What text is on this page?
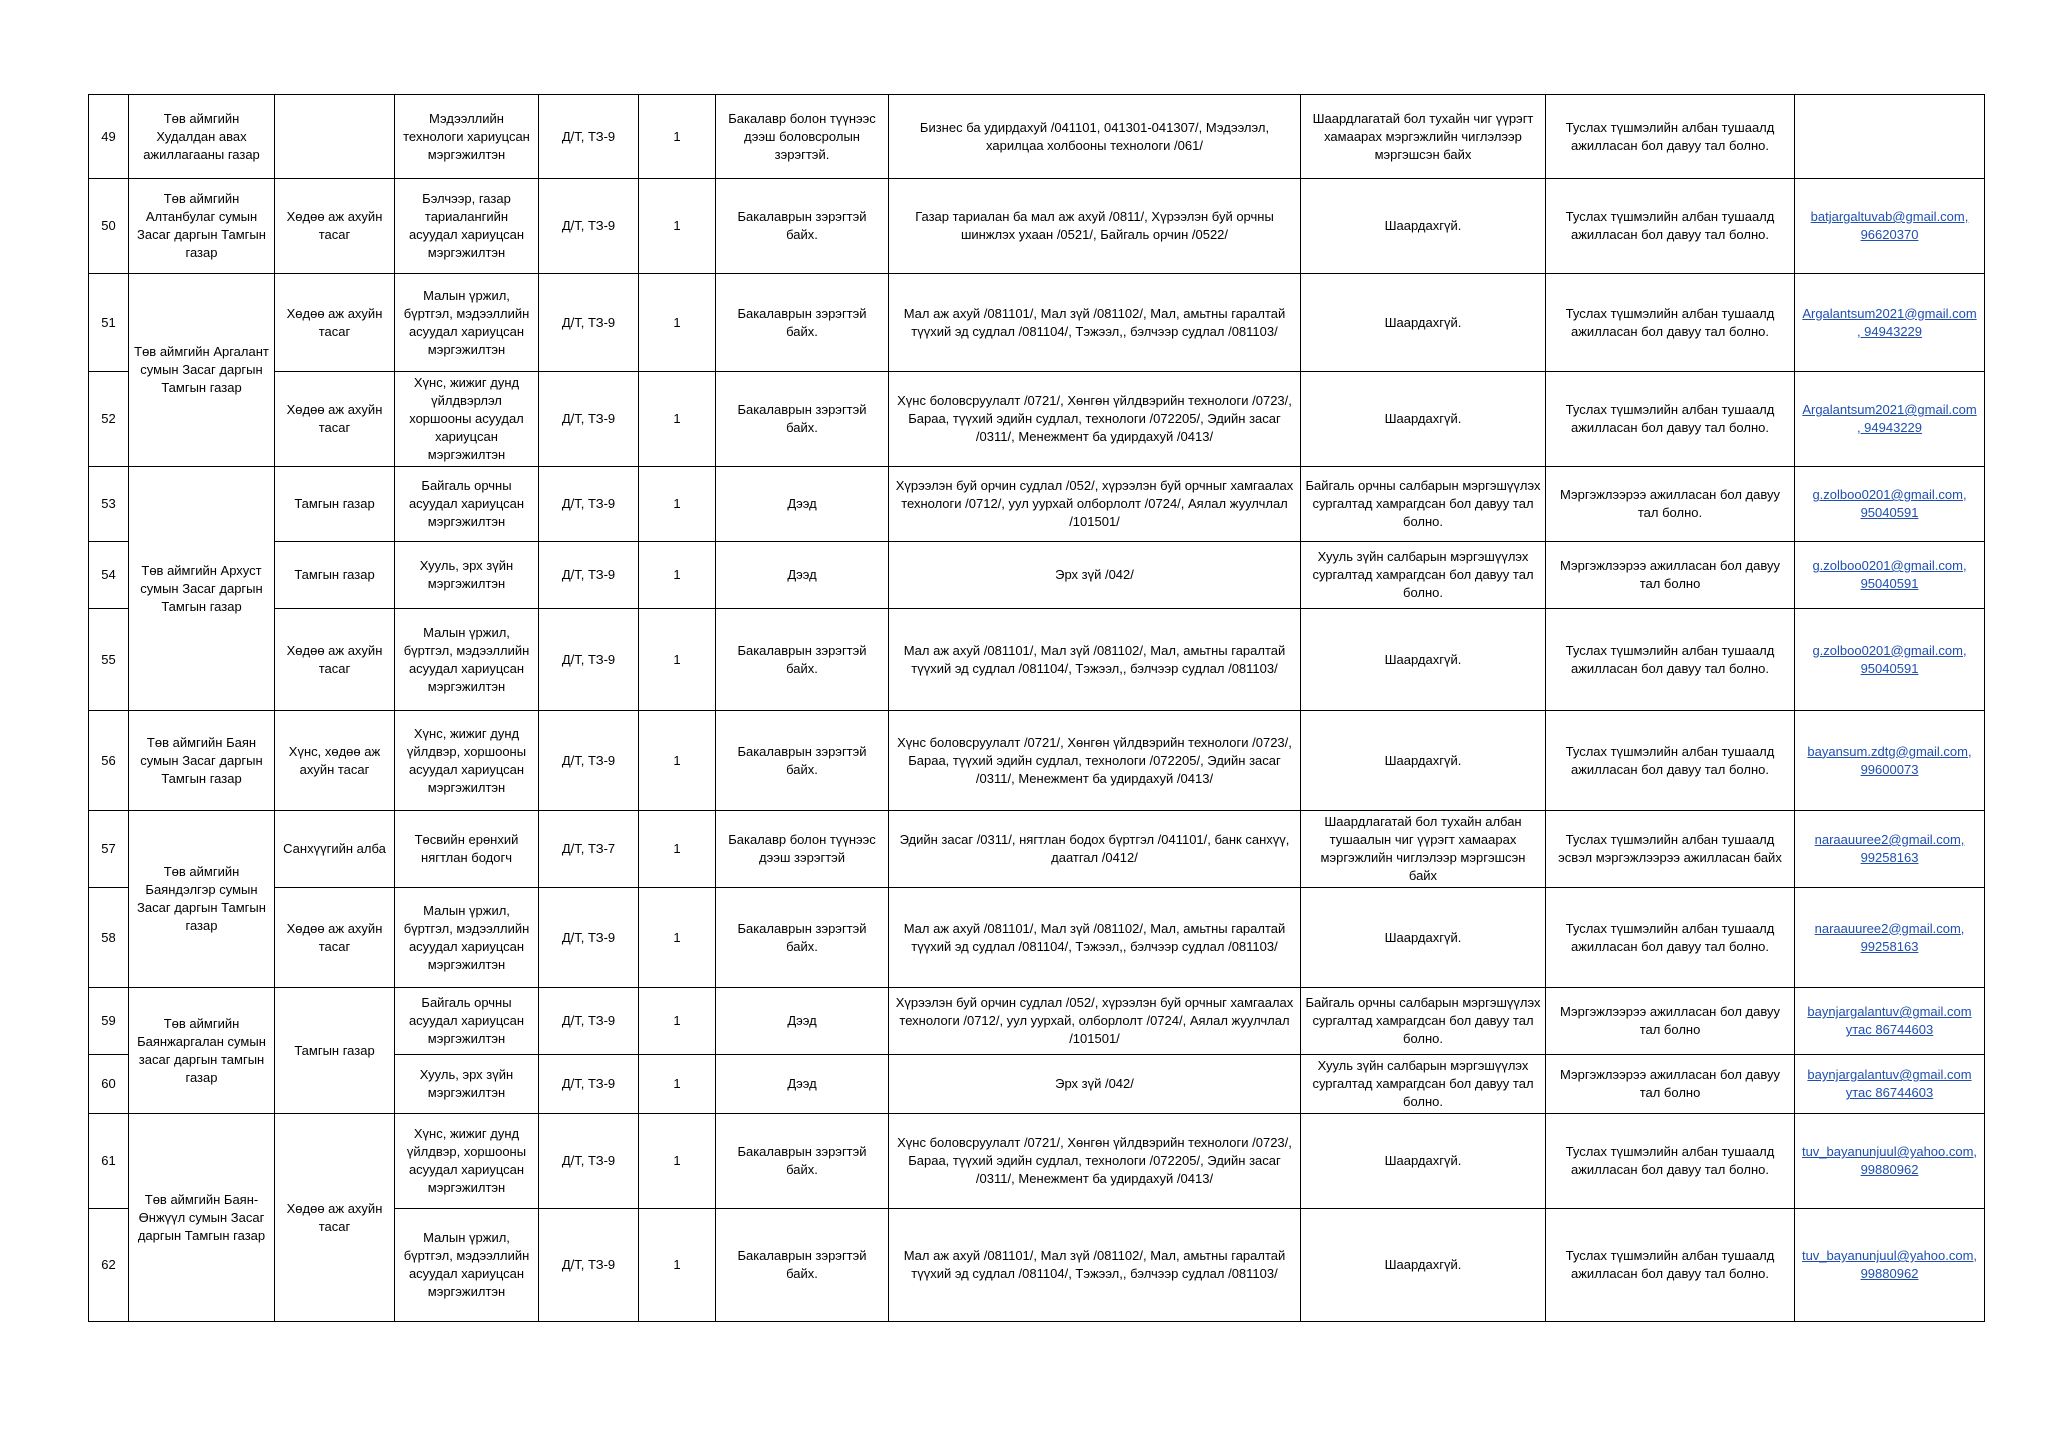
49	Төв аймгийн Худалдан авах ажиллагааны газар		Мэдээллийн технологи хариуцсан мэргэжилтэн	Д/Т, ТЗ-9	1	Бакалавр болон түүнээс дээш боловсролын зэрэгтэй.	Бизнес ба удирдахуй /041101, 041301-041307/, Мэдээлэл, харилцаа холбооны технологи /061/	Шаардлагатай бол тухайн чиг үүрэгт хамаарах мэргэжлийн чиглэлээр мэргэшсэн байх	Туслах түшмэлийн албан тушаалд ажилласан бол давуу тал болно.	

50	Төв аймгийн Алтанбулаг сумын Засаг даргын Тамгын газар	Хөдөө аж ахуйн тасаг	Бэлчээр, газар тариалангийн асуудал хариуцсан мэргэжилтэн	Д/Т, ТЗ-9	1	Бакалаврын зэрэгтэй байх.	Газар тариалан ба мал аж ахуй /0811/, Хүрээлэн буй орчны шинжлэх ухаан /0521/, Байгаль орчин /0522/	Шаардахгүй.	Туслах түшмэлийн албан тушаалд ажилласан бол давуу тал болно.	batjargaltuvab@gmail.com,
96620370
51	Төв аймгийн Аргалант сумын Засаг даргын Тамгын газар	Хөдөө аж ахуйн тасаг	Малын үржил, бүртгэл, мэдээллийн асуудал хариуцсан мэргэжилтэн	Д/Т, ТЗ-9	1	Бакалаврын зэрэгтэй байх.	Мал аж ахуй /081101/, Мал зүй /081102/, Мал, амьтны гаралтай түүхий эд судлал /081104/, Тэжээл,, бэлчээр судлал /081103/	Шаардахгүй.	Туслах түшмэлийн албан тушаалд ажилласан бол давуу тал болно.	Argalantsum2021@gmail.com
, 94943229
52		Хөдөө аж ахуйн тасаг	Хүнс, жижиг дунд үйлдвэрлэл хоршооны асуудал хариуцсан мэргэжилтэн	Д/Т, ТЗ-9	1	Бакалаврын зэрэгтэй байх.	Хүнс боловсруулалт /0721/, Хөнгөн үйлдвэрийн технологи /0723/, Бараа, түүхий эдийн судлал, технологи /072205/, Эдийн засаг /0311/, Менежмент ба удирдахуй /0413/	Шаардахгүй.	Туслах түшмэлийн албан тушаалд ажилласан бол давуу тал болно.	Argalantsum2021@gmail.com
, 94943229
53	Төв аймгийн Архуст сумын Засаг даргын Тамгын газар	Тамгын газар	Байгаль орчны асуудал хариуцсан мэргэжилтэн	Д/Т, ТЗ-9	1	Дээд	Хүрээлэн буй орчин судлал /052/, хүрээлэн буй орчныг хамгаалах технологи /0712/, уул уурхай олборлолт /0724/, Аялал жуулчлал /101501/	Байгаль орчны салбарын мэргэшүүлэх сургалтад хамрагдсан бол давуу тал болно.	Мэргэжлээрээ ажилласан бол давуу тал болно.	g.zolboo0201@gmail.com,
95040591
54		Тамгын газар	Хууль, эрх зүйн мэргэжилтэн	Д/Т, ТЗ-9	1	Дээд	Эрх зүй /042/	Хууль зүйн салбарын мэргэшүүлэх сургалтад хамрагдсан бол давуу тал болно.	Мэргэжлээрээ ажилласан бол давуу тал болно	g.zolboo0201@gmail.com,
95040591
55		Хөдөө аж ахуйн тасаг	Малын үржил, бүртгэл, мэдээллийн асуудал хариуцсан мэргэжилтэн	Д/Т, ТЗ-9	1	Бакалаврын зэрэгтэй байх.	Мал аж ахуй /081101/, Мал зүй /081102/, Мал, амьтны гаралтай түүхий эд судлал /081104/, Тэжээл,, бэлчээр судлал /081103/	Шаардахгүй.	Туслах түшмэлийн албан тушаалд ажилласан бол давуу тал болно.	g.zolboo0201@gmail.com,
95040591
56	Төв аймгийн Баян сумын Засаг даргын Тамгын газар	Хүнс, хөдөө аж ахуйн тасаг	Хүнс, жижиг дунд үйлдвэр, хоршооны асуудал хариуцсан мэргэжилтэн	Д/Т, ТЗ-9	1	Бакалаврын зэрэгтэй байх.	Хүнс боловсруулалт /0721/, Хөнгөн үйлдвэрийн технологи /0723/, Бараа, түүхий эдийн судлал, технологи /072205/, Эдийн засаг /0311/, Менежмент ба удирдахуй /0413/	Шаардахгүй.	Туслах түшмэлийн албан тушаалд ажилласан бол давуу тал болно.	bayansum.zdtg@gmail.com,
99600073
57	Төв аймгийн Баяндэлгэр сумын Засаг даргын Тамгын газар	Санхүүгийн алба	Төсвийн ерөнхий нягтлан бодогч	Д/Т, ТЗ-7	1	Бакалавр болон түүнээс дээш зэрэгтэй	Эдийн засаг /0311/, нягтлан бодох бүртгэл /041101/, банк санхүү, даатгал /0412/	Шаардлагатай бол тухайн албан тушаалын чиг үүрэгт хамаарах мэргэжлийн чиглэлээр мэргэшсэн байх	Туслах түшмэлийн албан тушаалд эсвэл мэргэжлээрээ ажилласан байх	naraauuree2@gmail.com,
99258163
58		Хөдөө аж ахуйн тасаг	Малын үржил, бүртгэл, мэдээллийн асуудал хариуцсан мэргэжилтэн	Д/Т, ТЗ-9	1	Бакалаврын зэрэгтэй байх.	Мал аж ахуй /081101/, Мал зүй /081102/, Мал, амьтны гаралтай түүхий эд судлал /081104/, Тэжээл,, бэлчээр судлал /081103/	Шаардахгүй.	Туслах түшмэлийн албан тушаалд ажилласан бол давуу тал болно.	naraauuree2@gmail.com,
99258163
59	Төв аймгийн Баянжаргалан сумын засаг даргын тамгын газар	Тамгын газар	Байгаль орчны асуудал хариуцсан мэргэжилтэн	Д/Т, ТЗ-9	1	Дээд	Хүрээлэн буй орчин судлал /052/, хүрээлэн буй орчныг хамгаалах технологи /0712/, уул уурхай, олборлолт /0724/, Аялал жуулчлал /101501/	Байгаль орчны салбарын мэргэшүүлэх сургалтад хамрагдсан бол давуу тал болно.	Мэргэжлээрээ ажилласан бол давуу тал болно	baynjargalantuv@gmail.com
утас 86744603
60			Хууль, эрх зүйн мэргэжилтэн	Д/Т, ТЗ-9	1	Дээд	Эрх зүй /042/	Хууль зүйн салбарын мэргэшүүлэх сургалтад хамрагдсан бол давуу тал болно.	Мэргэжлээрээ ажилласан бол давуу тал болно	baynjargalantuv@gmail.com
утас 86744603
61	Төв аймгийн Баян-Өнжүүл сумын Засаг даргын Тамгын газар	Хөдөө аж ахуйн тасаг	Хүнс, жижиг дунд үйлдвэр, хоршооны асуудал хариуцсан мэргэжилтэн	Д/Т, ТЗ-9	1	Бакалаврын зэрэгтэй байх.	Хүнс боловсруулалт /0721/, Хөнгөн үйлдвэрийн технологи /0723/, Бараа, түүхий эдийн судлал, технологи /072205/, Эдийн засаг /0311/, Менежмент ба удирдахуй /0413/	Шаардахгүй.	Туслах түшмэлийн албан тушаалд ажилласан бол давуу тал болно.	tuv_bayanunjuul@yahoo.com,
99880962
62			Малын үржил, бүртгэл, мэдээллийн асуудал хариуцсан мэргэжилтэн	Д/Т, ТЗ-9	1	Бакалаврын зэрэгтэй байх.	Мал аж ахуй /081101/, Мал зүй /081102/, Мал, амьтны гаралтай түүхий эд судлал /081104/, Тэжээл,, бэлчээр судлал /081103/	Шаардахгүй.	Туслах түшмэлийн албан тушаалд ажилласан бол давуу тал болно.	tuv_bayanunjuul@yahoo.com,
99880962
